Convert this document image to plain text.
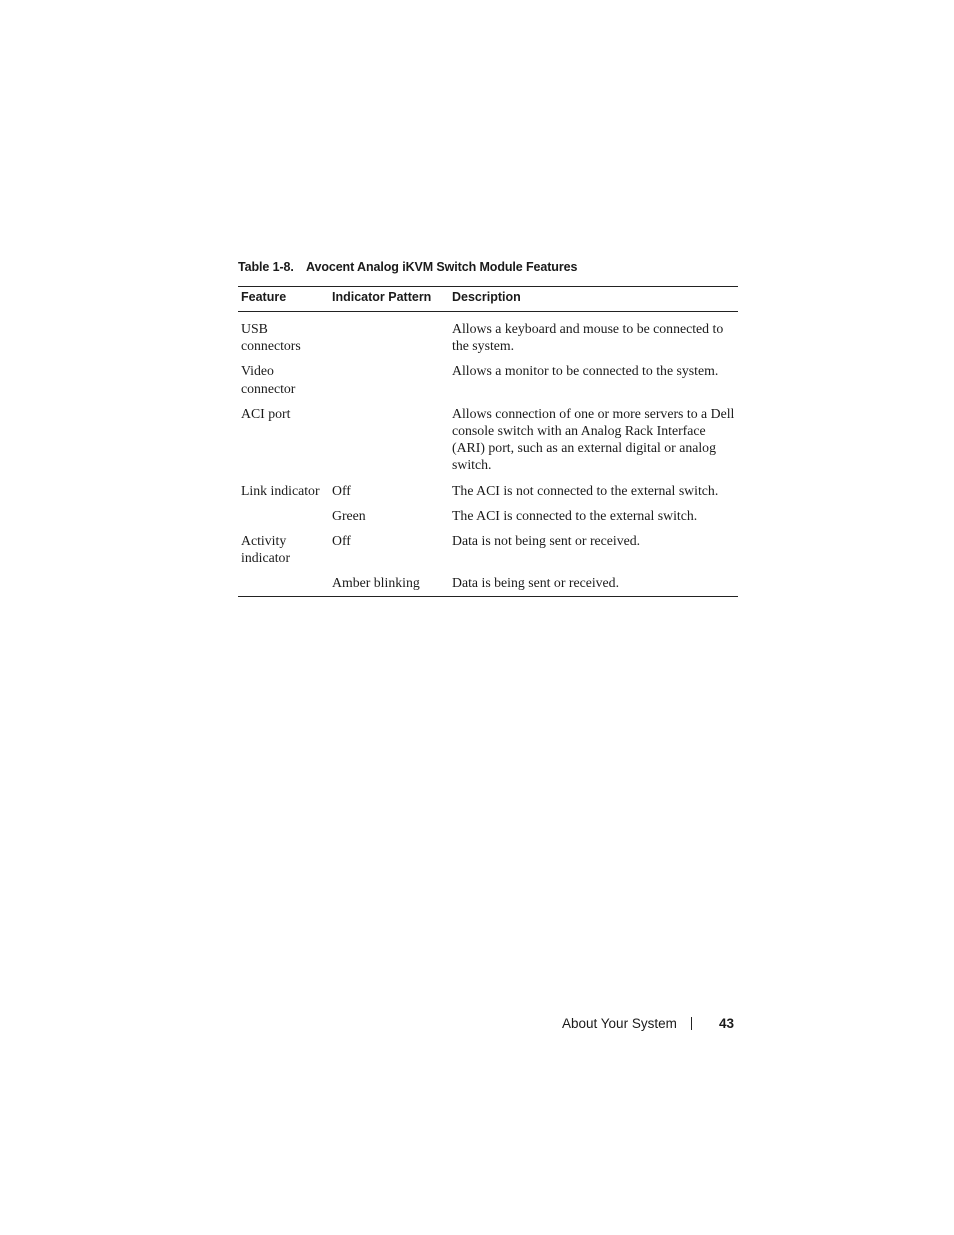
Table 1-8. Avocent Analog iKVM Switch Module Features
Feature	Indicator Pattern	Description
USB connectors		Allows a keyboard and mouse to be connected to the system.
Video connector		Allows a monitor to be connected to the system.
ACI port		Allows connection of one or more servers to a Dell console switch with an Analog Rack Interface (ARI) port, such as an external digital or analog switch.
Link indicator	Off	The ACI is not connected to the external switch.
	Green	The ACI is connected to the external switch.
Activity indicator	Off	Data is not being sent or received.
	Amber blinking	Data is being sent or received.
About Your System	43
